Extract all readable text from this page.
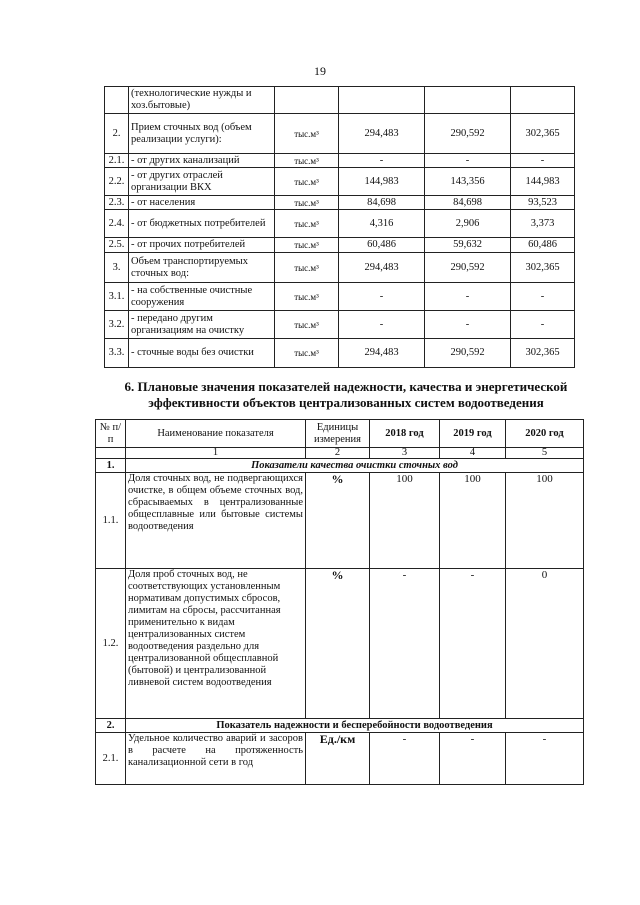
19
	(технологические нужды и хоз.бытовые)				
2.	Прием сточных вод (объем реализации услуги):	тыс.м³	294,483	290,592	302,365
2.1.	- от других канализаций	тыс.м³	-	-	-
2.2.	- от других отраслей организации ВКХ	тыс.м³	144,983	143,356	144,983
2.3.	- от населения	тыс.м³	84,698	84,698	93,523
2.4.	- от бюджетных потребителей	тыс.м³	4,316	2,906	3,373
2.5.	- от прочих потребителей	тыс.м³	60,486	59,632	60,486
3.	Объем транспортируемых сточных вод:	тыс.м³	294,483	290,592	302,365
3.1.	- на собственные очистные сооружения	тыс.м³	-	-	-
3.2.	- передано другим организациям на очистку	тыс.м³	-	-	-
3.3.	- сточные воды без очистки	тыс.м³	294,483	290,592	302,365
6. Плановые значения показателей надежности, качества и энергетической эффективности объектов централизованных систем водоотведения
№ п/п	Наименование показателя	Единицы измерения	2018 год	2019 год	2020 год
	1	2	3	4	5
1.	Показатели качества очистки сточных вод				
1.1.	Доля сточных вод, не подвергающихся очистке, в общем объеме сточных вод, сбрасываемых в централизованные общесплавные или бытовые системы водоотведения	%	100	100	100
1.2.	Доля проб сточных вод, не соответствующих установленным нормативам допустимых сбросов, лимитам на сбросы, рассчитанная применительно к видам централизованных систем водоотведения раздельно для централизованной общесплавной (бытовой) и централизованной ливневой систем водоотведения	%	-	-	0
2.	Показатель надежности и бесперебойности водоотведения				
2.1.	Удельное количество аварий и засоров в расчете на протяженность канализационной сети в год	Ед./км	-	-	-
